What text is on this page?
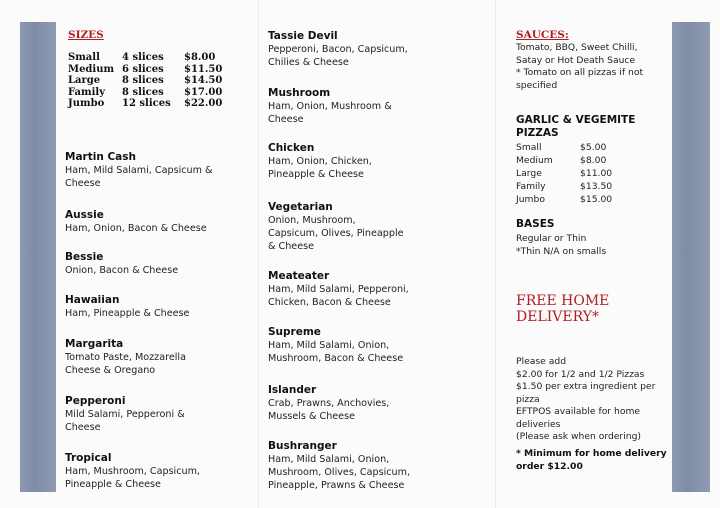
SIZES
Small	4 slices	$8.00
Medium 6 slices	$11.50
Large	8 slices	$14.50
Family	8 slices	$17.00
Jumbo	12 slices	$22.00
Martin Cash
Ham, Mild Salami, Capsicum &
Cheese
Aussie
Ham, Onion, Bacon & Cheese
Bessie
Onion, Bacon & Cheese
Hawaiian
Ham, Pineapple & Cheese
Margarita
Tomato Paste, Mozzarella
Cheese & Oregano
Pepperoni
Mild Salami, Pepperoni &
Cheese
Tropical
Ham, Mushroom, Capsicum,
Pineapple & Cheese
Tassie Devil
Pepperoni, Bacon, Capsicum,
Chilies & Cheese
Mushroom
Ham, Onion, Mushroom &
Cheese
Chicken
Ham, Onion, Chicken,
Pineapple & Cheese
Vegetarian
Onion, Mushroom,
Capsicum, Olives, Pineapple
& Cheese
Meateater
Ham, Mild Salami, Pepperoni,
Chicken, Bacon & Cheese
Supreme
Ham, Mild Salami, Onion,
Mushroom, Bacon & Cheese
Islander
Crab, Prawns, Anchovies,
Mussels & Cheese
Bushranger
Ham, Mild Salami, Onion,
Mushroom, Olives, Capsicum,
Pineapple, Prawns & Cheese
SAUCES:
Tomato, BBQ, Sweet Chilli,
Satay or Hot Death Sauce
* Tomato on all pizzas if not
specified
GARLIC & VEGEMITE
PIZZAS
Small	$5.00
Medium	$8.00
Large	$11.00
Family	$13.50
Jumbo	$15.00
BASES
Regular or Thin
*Thin N/A on smalls
FREE HOME
DELIVERY*
Please add
$2.00 for 1/2 and 1/2 Pizzas
$1.50 per extra ingredient per pizza
EFTPOS available for home deliveries
(Please ask when ordering)
* Minimum for home delivery
order $12.00
